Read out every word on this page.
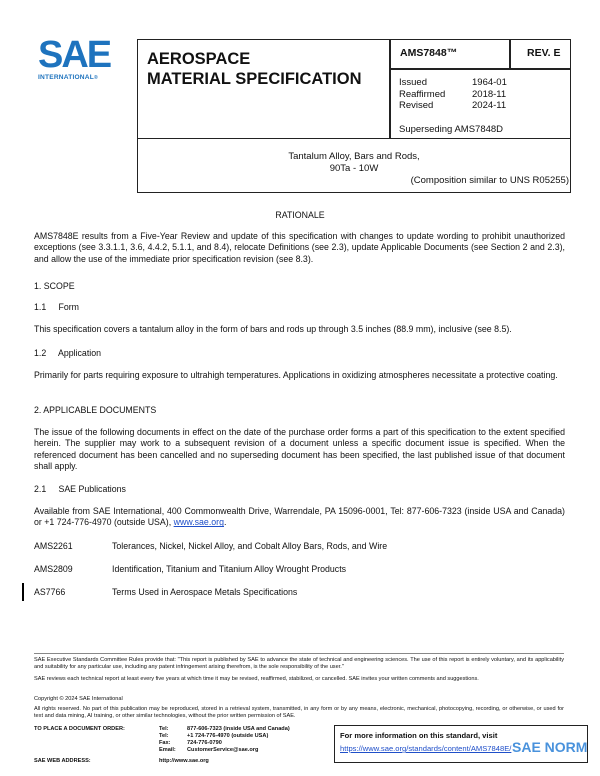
SAE
INTERNATIONAL®
AEROSPACE
MATERIAL SPECIFICATION
AMS7848™	REV. E
Issued	1964-01
Reaffirmed	2018-11
Revised	2024-11
Superseding AMS7848D
Tantalum Alloy, Bars and Rods,
90Ta - 10W
(Composition similar to UNS R05255)
RATIONALE
AMS7848E results from a Five-Year Review and update of this specification with changes to update wording to prohibit unauthorized exceptions (see 3.3.1.1, 3.6, 4.4.2, 5.1.1, and 8.4), relocate Definitions (see 2.3), update Applicable Documents (see Section 2 and 2.3), and allow the use of the immediate prior specification revision (see 8.3).
1. SCOPE
1.1     Form
This specification covers a tantalum alloy in the form of bars and rods up through 3.5 inches (88.9 mm), inclusive (see 8.5).
1.2     Application
Primarily for parts requiring exposure to ultrahigh temperatures. Applications in oxidizing atmospheres necessitate a protective coating.
2. APPLICABLE DOCUMENTS
The issue of the following documents in effect on the date of the purchase order forms a part of this specification to the extent specified herein. The supplier may work to a subsequent revision of a document unless a specific document issue is specified. When the referenced document has been cancelled and no superseding document has been specified, the last published issue of that document shall apply.
2.1     SAE Publications
Available from SAE International, 400 Commonwealth Drive, Warrendale, PA 15096-0001, Tel: 877-606-7323 (inside USA and Canada) or +1 724-776-4970 (outside USA), www.sae.org.
AMS2261	Tolerances, Nickel, Nickel Alloy, and Cobalt Alloy Bars, Rods, and Wire
AMS2809	Identification, Titanium and Titanium Alloy Wrought Products
AS7766	Terms Used in Aerospace Metals Specifications
SAE Executive Standards Committee Rules provide that: "This report is published by SAE to advance the state of technical and engineering sciences. The use of this report is entirely voluntary, and its applicability and suitability for any particular use, including any patent infringement arising therefrom, is the sole responsibility of the user."
SAE reviews each technical report at least every five years at which time it may be revised, reaffirmed, stabilized, or cancelled. SAE invites your written comments and suggestions.
Copyright © 2024 SAE International
All rights reserved. No part of this publication may be reproduced, stored in a retrieval system, transmitted, in any form or by any means, electronic, mechanical, photocopying, recording, or otherwise, or used for text and data mining, AI training, or other similar technologies, without the prior written permission of SAE.
TO PLACE A DOCUMENT ORDER:	Tel:	877-606-7323 (inside USA and Canada)
Tel:	+1 724-776-4970 (outside USA)
Fax:	724-776-0790
Email:	CustomerService@sae.org
SAE WEB ADDRESS:	http://www.sae.org
For more information on this standard, visit
https://www.sae.org/standards/content/AMS7848E/ SAE NORM
